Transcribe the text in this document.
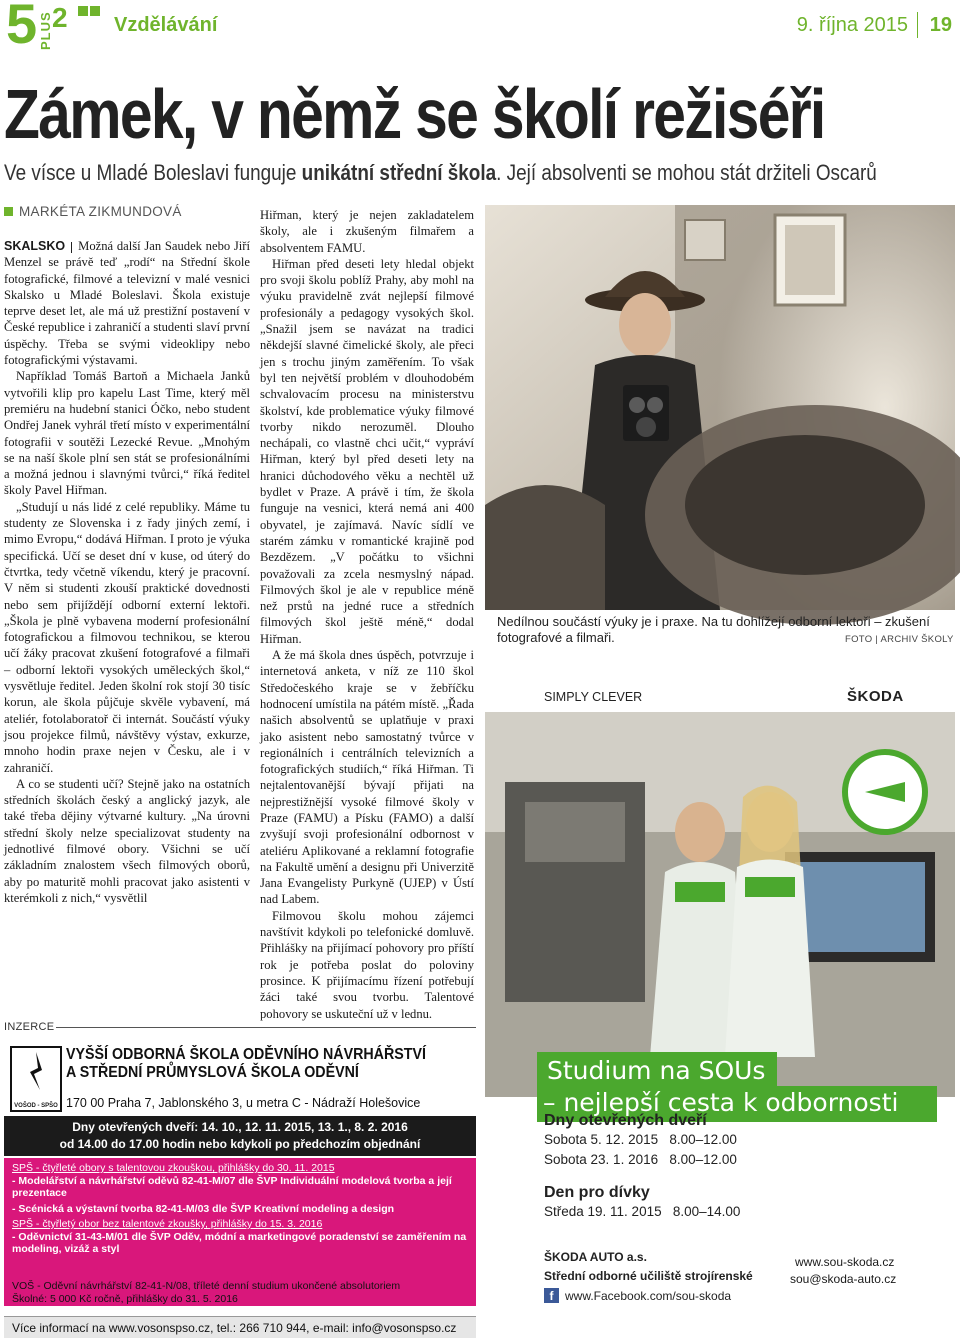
5 PLUS 2 Vzdělávání	9. října 2015 19
Zámek, v němž se školí režiséři
Ve vísce u Mladé Boleslavi funguje unikátní střední škola. Její absolventi se mohou stát držiteli Oscarů
MARKÉTA ZIKMUNDOVÁ

SKALSKO Možná další Jan Saudek nebo Jiří Menzel se právě teď „rodí“ na Střední škole fotografické, filmové a televizní v malé vesnici Skalsko u Mladé Boleslavi. Škola existuje teprve deset let, ale má už prestižní postavení v České republice i zahraničí a studenti slaví první úspěchy. Třeba se svými videoklipy nebo fotografickými výstavami.

Například Tomáš Bartoň a Michaela Janků vytvořili klip pro kapelu Last Time, který měl premiéru na hudební stanici Óčko, nebo student Ondřej Janek vyhrál třetí místo v experimentální fotografii v soutěži Lezecké Revue. „Mnohým se na naší škole plní sen stát se profesionálními a možná jednou i slavnými tvůrci,“ říká ředitel školy Pavel Hiřman.

„Studují u nás lidé z celé republiky. Máme tu studenty ze Slovenska i z řady jiných zemí, i mimo Evropu,“ dodává Hiřman. I proto je výuka specifická. Učí se deset dní v kuse, od úterý do čtvrtka, tedy včetně víkendu, který je pracovní. V něm si studenti zkouší praktické dovednosti nebo sem přijíždějí odborní externí lektoři. „Škola je plně vybavena moderní profesionální fotografickou a filmovou technikou, se kterou učí žáky pracovat zkušení fotografové a filmaři – odborní lektoři vysokých uměleckých škol,“ vysvětluje ředitel. Jeden školní rok stojí 30 tisíc korun, ale škola půjčuje skvěle vybavení, má ateliér, fotolaboratoř či internát. Součástí výuky jsou projekce filmů, návštěvy výstav, exkurze, mnoho hodin praxe nejen v Česku, ale i v zahraničí.

A co se studenti učí? Stejně jako na ostatních středních školách český a anglický jazyk, ale také třeba dějiny výtvarné kultury. „Na úrovni střední školy nelze specializovat studenty na jednotlivé filmové obory. Všichni se učí základním znalostem všech filmových oborů, aby po maturitě mohli pracovat jako asistenti v kterémkoli z nich,“ vysvětlil

Hiřman, který je nejen zakladatelem školy, ale i zkušeným filmařem a absolventem FAMU.

Hiřman před deseti lety hledal objekt pro svoji školu poblíž Prahy, aby mohl na výuku pravidelně zvát nejlepší filmové profesionály a pedagogy vysokých škol. „Snažil jsem se navázat na tradici někdejší slavné čimelické školy, ale přeci jen s trochu jiným zaměřením. To však byl ten největší problém v dlouhodobém schvalovacím procesu na ministerstvu školství, kde problematice výuky filmové tvorby nikdo nerozuměl. Dlouho nechápali, co vlastně chci učit,“ vypráví Hiřman, který byl před deseti lety na hranici důchodového věku a nechtěl už bydlet v Praze. A právě i tím, že škola funguje na vesnici, která nemá ani 400 obyvatel, je zajímavá. Navíc sídlí ve starém zámku v romantické krajině pod Bezdězem. „V počátku to všichni považovali za zcela nesmyslný nápad. Filmových škol je ale v republice méně než prstů na jedné ruce a středních filmových škol ještě méně,“ dodal Hiřman.

A že má škola dnes úspěch, potvrzuje i internetová anketa, v níž ze 110 škol Středočeského kraje se v žebříčku hodnocení umístila na pátém místě. „Řada našich absolventů se uplatňuje v praxi jako asistent nebo samostatný tvůrce v regionálních i centrálních televizních a fotografických studiích,“ říká Hiřman. Ti nejtalentovanější bývají přijati na nejprestižnější vysoké filmové školy v Praze (FAMU) a Písku (FAMO) a další zvyšují svoji profesionální odbornost v ateliéru Aplikované a reklamní fotografie na Fakultě umění a designu při Univerzitě Jana Evangelisty Purkyně (UJEP) v Ústí nad Labem.

Filmovou školu mohou zájemci navštívit kdykoli po telefonické domluvě. Přihlášky na přijímací pohovory pro příští rok je potřeba poslat do poloviny prosince. K přijímacímu řízení potřebují žáci také svou tvorbu. Talentové pohovory se uskuteční už v lednu.

Nedílnou součástí výuky je i praxe. Na tu dohlížejí odborní lektoři – zkušení fotografové a filmaři.	FOTO | ARCHIV ŠKOLY
SIMPLY CLEVER	ŠKODA
Studium na SOUs
– nejlepší cesta k odbornosti
Dny otevřených dveří
Sobota 5. 12. 2015   8.00–12.00
Sobota 23. 1. 2016   8.00–12.00
Den pro dívky
Středa 19. 11. 2015   8.00–14.00
ŠKODA AUTO a.s.
Střední odborné učiliště strojírenské
f www.Facebook.com/sou-skoda
www.sou-skoda.cz
sou@skoda-auto.cz
INZERCE
VOŠOD - SPŠO
VYŠŠÍ ODBORNÁ ŠKOLA ODĚVNÍHO NÁVRHÁŘSTVÍ
A STŘEDNÍ PRŮMYSLOVÁ ŠKOLA ODĚVNÍ
170 00 Praha 7, Jablonského 3, u metra C - Nádraží Holešovice
Dny otevřených dveří: 14. 10., 12. 11. 2015, 13. 1., 8. 2. 2016
od 14.00 do 17.00 hodin nebo kdykoli po předchozím objednání
SPŠ - čtyřleté obory s talentovou zkouškou, přihlášky do 30. 11. 2015
- Modelářství a návrhářství oděvů 82-41-M/07 dle ŠVP Individuální modelová tvorba a její prezentace
- Scénická a výstavní tvorba 82-41-M/03 dle ŠVP Kreativní modeling a design
SPŠ - čtyřletý obor bez talentové zkoušky, přihlášky do 15. 3. 2016
- Oděvnictví 31-43-M/01 dle ŠVP Oděv, módní a marketingové poradenství se zaměřením na modeling, vizáž a styl
VOŠ - Oděvní návrhářství 82-41-N/08, tříleté denní studium ukončené absolutoriem
Školné: 5 000 Kč ročně, přihlášky do 31. 5. 2016
Více informací na www.vosonspso.cz, tel.: 266 710 944, e-mail: info@vosonspso.cz
